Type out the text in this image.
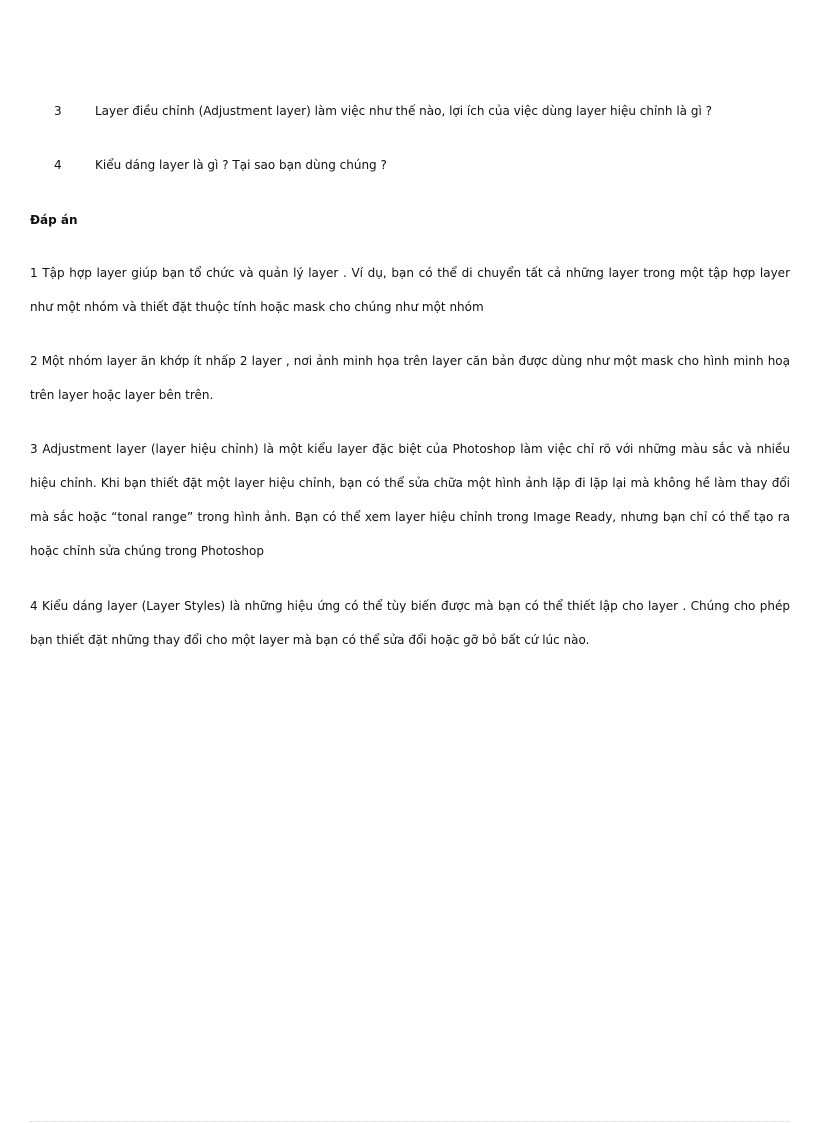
3	Layer điều chỉnh (Adjustment layer) làm việc như thế nào, lợi ích của việc dùng layer hiệu chỉnh là gì ?
4	Kiểu dáng layer là gì ? Tại sao bạn dùng chúng ?
Đáp án

1 Tập hợp layer giúp bạn tổ chức và quản lý layer . Ví dụ, bạn có thể di chuyển tất cả những layer trong một tập hợp layer như một nhóm và thiết đặt thuộc tính hoặc mask cho chúng như một nhóm

2 Một nhóm layer ăn khớp ít nhấp 2 layer , nơi ảnh minh họa trên layer căn bản được dùng như một mask cho hình minh hoạ trên layer hoặc layer bên trên.

3 Adjustment layer (layer hiệu chỉnh) là một kiểu layer đặc biệt của Photoshop làm việc chỉ rõ với những màu sắc và nhiều hiệu chỉnh. Khi bạn thiết đặt một layer hiệu chỉnh, bạn có thể sửa chữa một hình ảnh lặp đi lặp lại mà không hề làm thay đổi mà sắc hoặc “tonal range” trong hình ảnh. Bạn có thể xem layer hiệu chỉnh trong Image Ready, nhưng bạn chỉ có thể tạo ra hoặc chỉnh sửa chúng trong Photoshop

4 Kiểu dáng layer (Layer Styles) là những hiệu ứng có thể tùy biến được mà bạn có thể thiết lập cho layer . Chúng cho phép bạn thiết đặt những thay đổi cho một layer mà bạn có thể sửa đổi hoặc gỡ bỏ bất cứ lúc nào.
